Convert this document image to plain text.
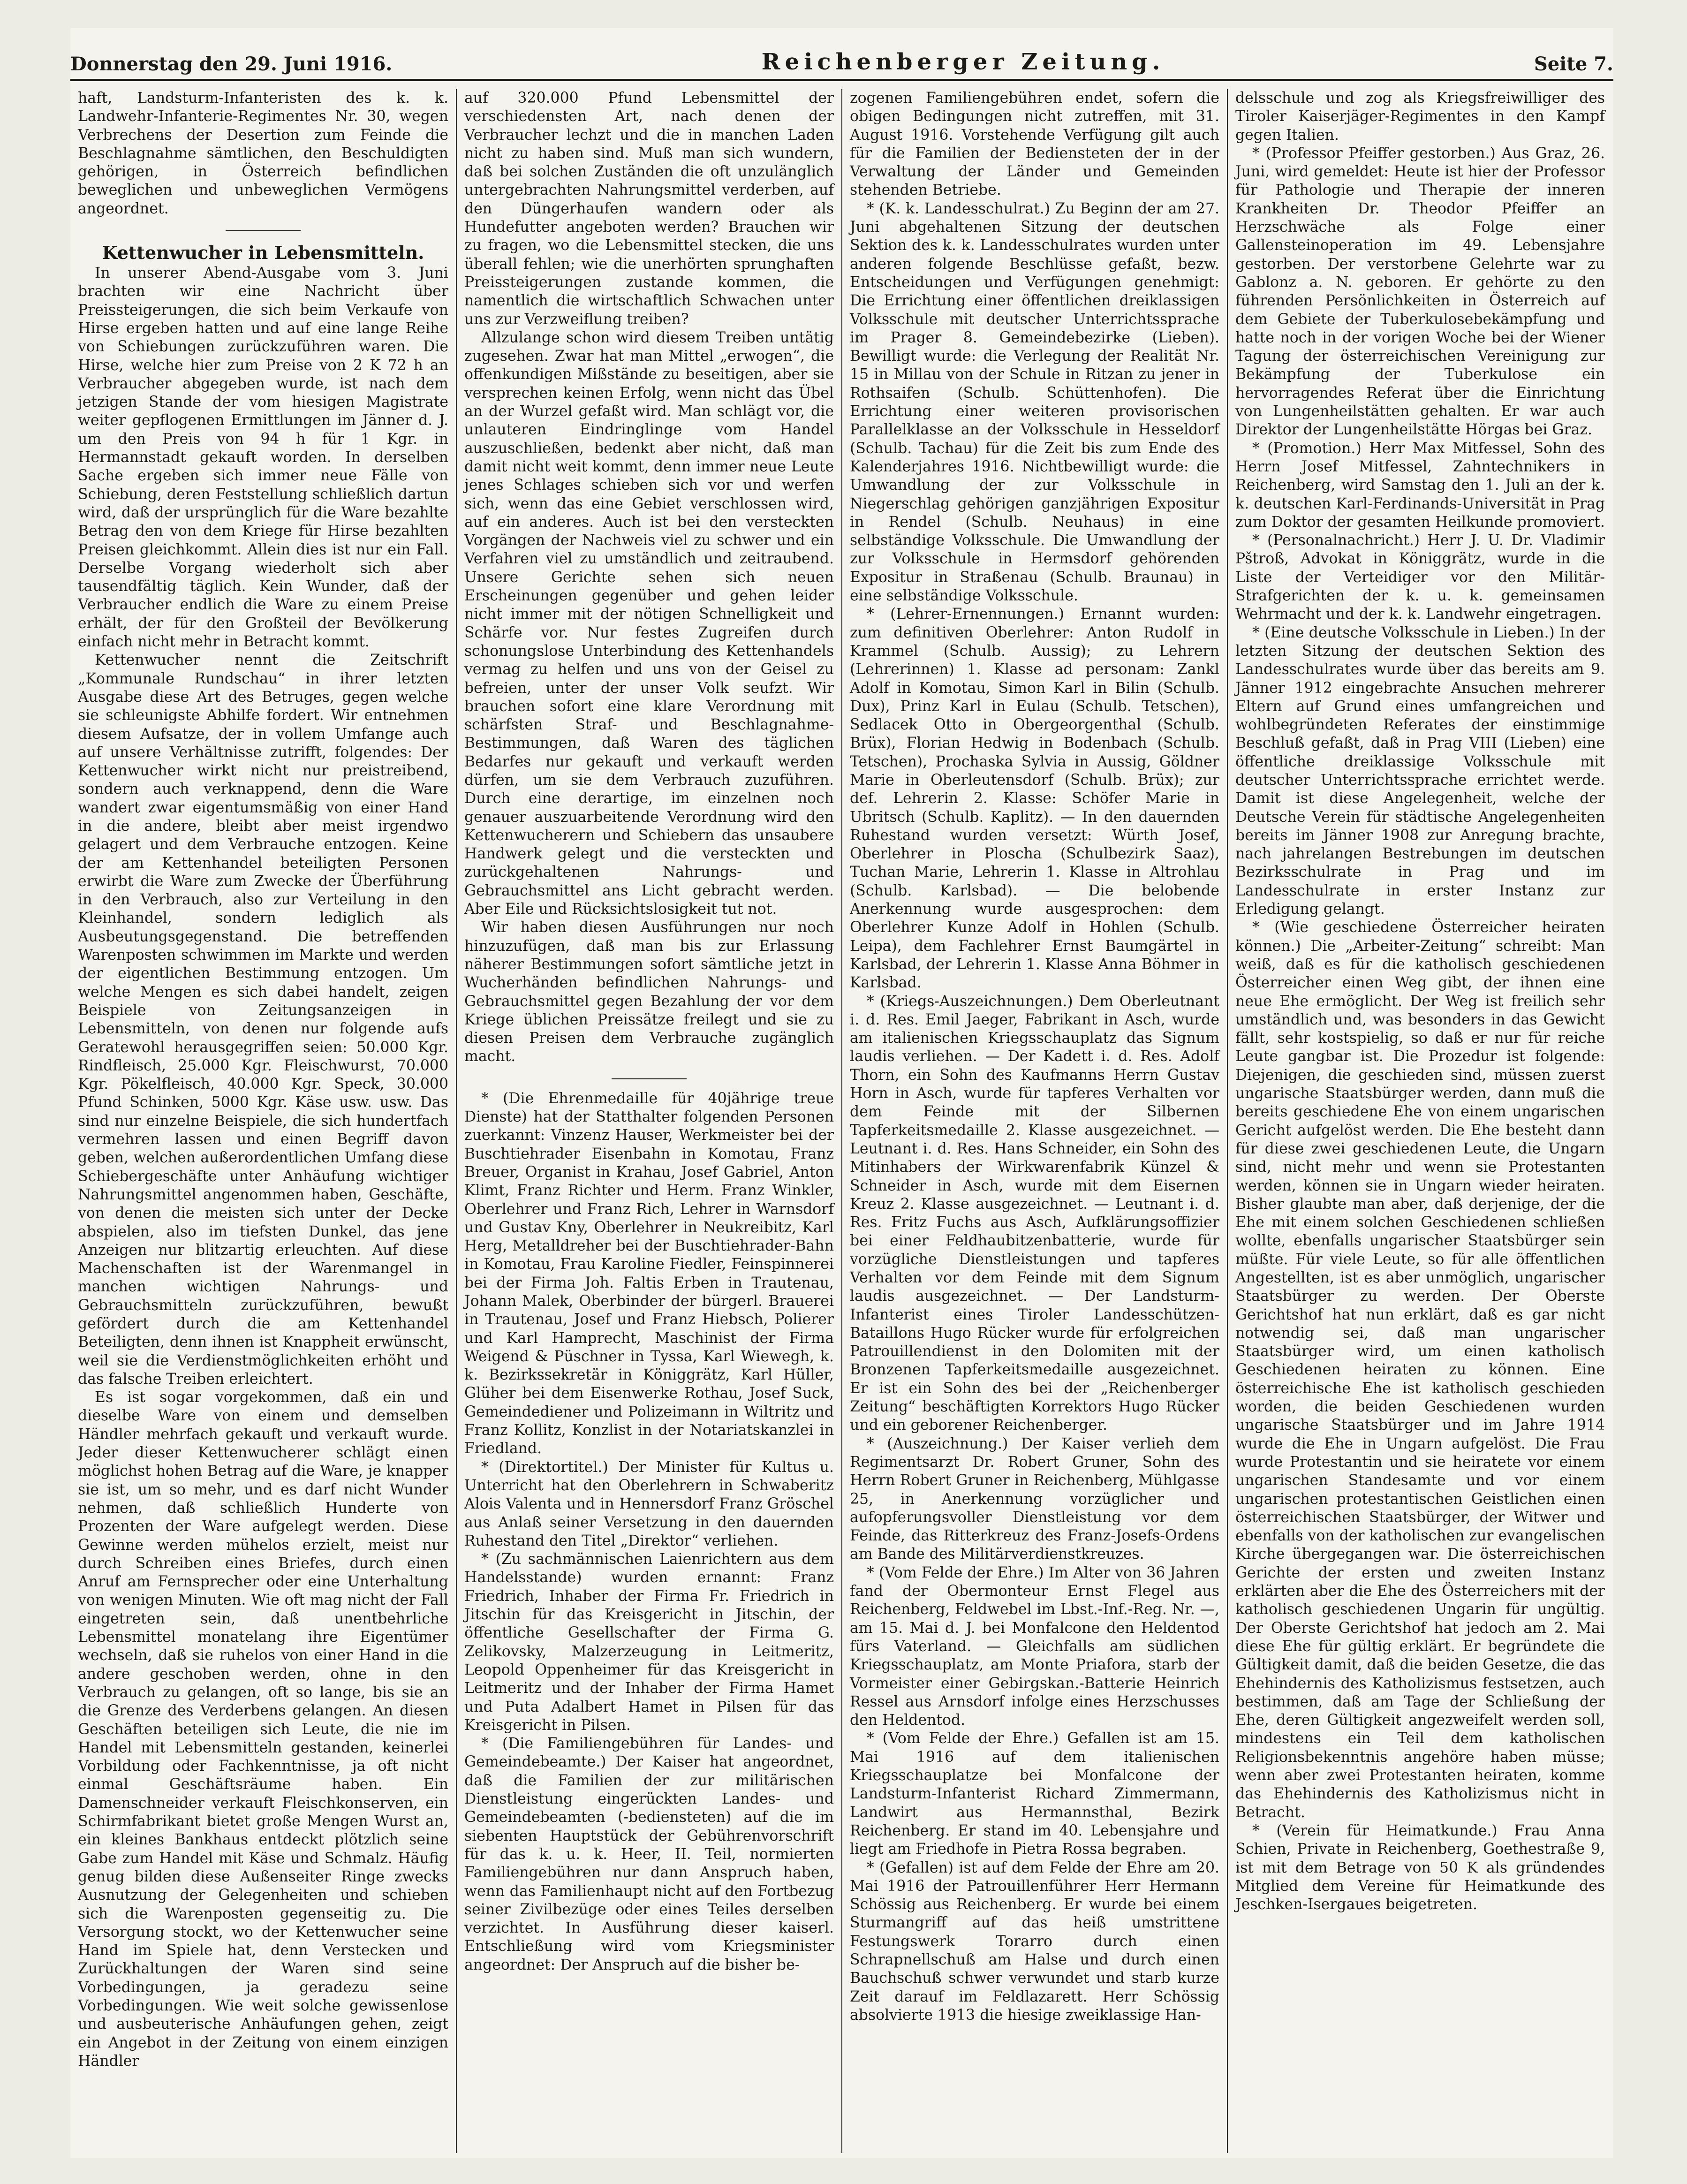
Donnerstag den 29. Juni 1916.	Reichenberger Zeitung.	Seite 7.

haft, Landsturm-Infanteristen des k. k. Landwehr-Infanterie-Regimentes Nr. 30, wegen Verbrechens der Desertion zum Feinde die Beschlagnahme sämtlichen, den Beschuldigten gehörigen, in Österreich befindlichen beweglichen und unbeweglichen Vermögens angeordnet.

Kettenwucher in Lebensmitteln.

In unserer Abend-Ausgabe vom 3. Juni brachten wir eine Nachricht über Preissteigerungen, die sich beim Verkaufe von Hirse ergeben hatten und auf eine lange Reihe von Schiebungen zurückzuführen waren. Die Hirse, welche hier zum Preise von 2 K 72 h an Verbraucher abgegeben wurde, ist nach dem jetzigen Stande der vom hiesigen Magistrate weiter gepflogenen Ermittlungen im Jänner d. J. um den Preis von 94 h für 1 Kgr. in Hermannstadt gekauft worden. In derselben Sache ergeben sich immer neue Fälle von Schiebung, deren Feststellung schließlich dartun wird, daß der ursprünglich für die Ware bezahlte Betrag den von dem Kriege für Hirse bezahlten Preisen gleichkommt. Allein dies ist nur ein Fall. Derselbe Vorgang wiederholt sich aber tausendfältig täglich. Kein Wunder, daß der Verbraucher endlich die Ware zu einem Preise erhält, der für den Großteil der Bevölkerung einfach nicht mehr in Betracht kommt.

Kettenwucher nennt die Zeitschrift „Kommunale Rundschau“ in ihrer letzten Ausgabe diese Art des Betruges, gegen welche sie schleunigste Abhilfe fordert. Wir entnehmen diesem Aufsatze, der in vollem Umfange auch auf unsere Verhältnisse zutrifft, folgendes: Der Kettenwucher wirkt nicht nur preistreibend, sondern auch verknappend, denn die Ware wandert zwar eigentumsmäßig von einer Hand in die andere, bleibt aber meist irgendwo gelagert und dem Verbrauche entzogen. Keine der am Kettenhandel beteiligten Personen erwirbt die Ware zum Zwecke der Überführung in den Verbrauch, also zur Verteilung in den Kleinhandel, sondern lediglich als Ausbeutungsgegenstand. Die betreffenden Warenposten schwimmen im Markte und werden der eigentlichen Bestimmung entzogen. Um welche Mengen es sich dabei handelt, zeigen Beispiele von Zeitungsanzeigen in Lebensmitteln, von denen nur folgende aufs Geratewohl herausgegriffen seien: 50.000 Kgr. Rindfleisch, 25.000 Kgr. Fleischwurst, 70.000 Kgr. Pökelfleisch, 40.000 Kgr. Speck, 30.000 Pfund Schinken, 5000 Kgr. Käse usw. usw. Das sind nur einzelne Beispiele, die sich hundertfach vermehren lassen und einen Begriff davon geben, welchen außerordentlichen Umfang diese Schiebergeschäfte unter Anhäufung wichtiger Nahrungsmittel angenommen haben, Geschäfte, von denen die meisten sich unter der Decke abspielen, also im tiefsten Dunkel, das jene Anzeigen nur blitzartig erleuchten. Auf diese Machenschaften ist der Warenmangel in manchen wichtigen Nahrungs- und Gebrauchsmitteln zurückzuführen, bewußt gefördert durch die am Kettenhandel Beteiligten, denn ihnen ist Knappheit erwünscht, weil sie die Verdienstmöglichkeiten erhöht und das falsche Treiben erleichtert.

Es ist sogar vorgekommen, daß ein und dieselbe Ware von einem und demselben Händler mehrfach gekauft und verkauft wurde. Jeder dieser Kettenwucherer schlägt einen möglichst hohen Betrag auf die Ware, je knapper sie ist, um so mehr, und es darf nicht Wunder nehmen, daß schließlich Hunderte von Prozenten der Ware aufgelegt werden. Diese Gewinne werden mühelos erzielt, meist nur durch Schreiben eines Briefes, durch einen Anruf am Fernsprecher oder eine Unterhaltung von wenigen Minuten. Wie oft mag nicht der Fall eingetreten sein, daß unentbehrliche Lebensmittel monatelang ihre Eigentümer wechseln, daß sie ruhelos von einer Hand in die andere geschoben werden, ohne in den Verbrauch zu gelangen, oft so lange, bis sie an die Grenze des Verderbens gelangen. An diesen Geschäften beteiligen sich Leute, die nie im Handel mit Lebensmitteln gestanden, keinerlei Vorbildung oder Fachkenntnisse, ja oft nicht einmal Geschäftsräume haben. Ein Damenschneider verkauft Fleischkonserven, ein Schirmfabrikant bietet große Mengen Wurst an, ein kleines Bankhaus entdeckt plötzlich seine Gabe zum Handel mit Käse und Schmalz. Häufig genug bilden diese Außenseiter Ringe zwecks Ausnutzung der Gelegenheiten und schieben sich die Warenposten gegenseitig zu. Die Versorgung stockt, wo der Kettenwucher seine Hand im Spiele hat, denn Verstecken und Zurückhaltungen der Waren sind seine Vorbedingungen, ja geradezu seine Vorbedingungen. Wie weit solche gewissenlose und ausbeuterische Anhäufungen gehen, zeigt ein Angebot in der Zeitung von einem einzigen Händler

auf 320.000 Pfund Lebensmittel der verschiedensten Art, nach denen der Verbraucher lechzt und die in manchen Laden nicht zu haben sind. Muß man sich wundern, daß bei solchen Zuständen die oft unzulänglich untergebrachten Nahrungsmittel verderben, auf den Düngerhaufen wandern oder als Hundefutter angeboten werden? Brauchen wir zu fragen, wo die Lebensmittel stecken, die uns überall fehlen; wie die unerhörten sprunghaften Preissteigerungen zustande kommen, die namentlich die wirtschaftlich Schwachen unter uns zur Verzweiflung treiben?

Allzulange schon wird diesem Treiben untätig zugesehen. Zwar hat man Mittel „erwogen“, die offenkundigen Mißstände zu beseitigen, aber sie versprechen keinen Erfolg, wenn nicht das Übel an der Wurzel gefaßt wird. Man schlägt vor, die unlauteren Eindringlinge vom Handel auszuschließen, bedenkt aber nicht, daß man damit nicht weit kommt, denn immer neue Leute jenes Schlages schieben sich vor und werfen sich, wenn das eine Gebiet verschlossen wird, auf ein anderes. Auch ist bei den versteckten Vorgängen der Nachweis viel zu schwer und ein Verfahren viel zu umständlich und zeitraubend. Unsere Gerichte sehen sich neuen Erscheinungen gegenüber und gehen leider nicht immer mit der nötigen Schnelligkeit und Schärfe vor. Nur festes Zugreifen durch schonungslose Unterbindung des Kettenhandels vermag zu helfen und uns von der Geisel zu befreien, unter der unser Volk seufzt. Wir brauchen sofort eine klare Verordnung mit schärfsten Straf- und Beschlagnahme-Bestimmungen, daß Waren des täglichen Bedarfes nur gekauft und verkauft werden dürfen, um sie dem Verbrauch zuzuführen. Durch eine derartige, im einzelnen noch genauer auszuarbeitende Verordnung wird den Kettenwucherern und Schiebern das unsaubere Handwerk gelegt und die versteckten und zurückgehaltenen Nahrungs- und Gebrauchsmittel ans Licht gebracht werden. Aber Eile und Rücksichtslosigkeit tut not.

Wir haben diesen Ausführungen nur noch hinzuzufügen, daß man bis zur Erlassung näherer Bestimmungen sofort sämtliche jetzt in Wucherhänden befindlichen Nahrungs- und Gebrauchsmittel gegen Bezahlung der vor dem Kriege üblichen Preissätze freilegt und sie zu diesen Preisen dem Verbrauche zugänglich macht.

* (Die Ehrenmedaille für 40jährige treue Dienste) hat der Statthalter folgenden Personen zuerkannt: Vinzenz Hauser, Werkmeister bei der Buschtiehrader Eisenbahn in Komotau, Franz Breuer, Organist in Krahau, Josef Gabriel, Anton Klimt, Franz Richter und Herm. Franz Winkler, Oberlehrer und Franz Rich, Lehrer in Warnsdorf und Gustav Kny, Oberlehrer in Neukreibitz, Karl Herg, Metalldreher bei der Buschtiehrader-Bahn in Komotau, Frau Karoline Fiedler, Feinspinnerei bei der Firma Joh. Faltis Erben in Trautenau, Johann Malek, Oberbinder der bürgerl. Brauerei in Trautenau, Josef und Franz Hiebsch, Polierer und Karl Hamprecht, Maschinist der Firma Weigend & Püschner in Tyssa, Karl Wiewegh, k. k. Bezirkssekretär in Königgrätz, Karl Hüller, Glüher bei dem Eisenwerke Rothau, Josef Suck, Gemeindediener und Polizeimann in Wiltritz und Franz Kollitz, Konzlist in der Notariatskanzlei in Friedland.

* (Direktortitel.) Der Minister für Kultus u. Unterricht hat den Oberlehrern in Schwaberitz Alois Valenta und in Hennersdorf Franz Gröschel aus Anlaß seiner Versetzung in den dauernden Ruhestand den Titel „Direktor“ verliehen.

* (Zu sachmännischen Laienrichtern aus dem Handelsstande) wurden ernannt: Franz Friedrich, Inhaber der Firma Fr. Friedrich in Jitschin für das Kreisgericht in Jitschin, der öffentliche Gesellschafter der Firma G. Zelikovsky, Malzerzeugung in Leitmeritz, Leopold Oppenheimer für das Kreisgericht in Leitmeritz und der Inhaber der Firma Hamet und Puta Adalbert Hamet in Pilsen für das Kreisgericht in Pilsen.

* (Die Familiengebühren für Landes- und Gemeindebeamte.) Der Kaiser hat angeordnet, daß die Familien der zur militärischen Dienstleistung eingerückten Landes- und Gemeindebeamten (-bediensteten) auf die im siebenten Hauptstück der Gebührenvorschrift für das k. u. k. Heer, II. Teil, normierten Familiengebühren nur dann Anspruch haben, wenn das Familienhaupt nicht auf den Fortbezug seiner Zivilbezüge oder eines Teiles derselben verzichtet. In Ausführung dieser kaiserl. Entschließung wird vom Kriegsminister angeordnet: Der Anspruch auf die bisher be-

zogenen Familiengebühren endet, sofern die obigen Bedingungen nicht zutreffen, mit 31. August 1916. Vorstehende Verfügung gilt auch für die Familien der Bediensteten der in der Verwaltung der Länder und Gemeinden stehenden Betriebe.

* (K. k. Landesschulrat.) Zu Beginn der am 27. Juni abgehaltenen Sitzung der deutschen Sektion des k. k. Landesschulrates wurden unter anderen folgende Beschlüsse gefaßt, bezw. Entscheidungen und Verfügungen genehmigt: Die Errichtung einer öffentlichen dreiklassigen Volksschule mit deutscher Unterrichtssprache im Prager 8. Gemeindebezirke (Lieben). Bewilligt wurde: die Verlegung der Realität Nr. 15 in Millau von der Schule in Ritzan zu jener in Rothsaifen (Schulb. Schüttenhofen). Die Errichtung einer weiteren provisorischen Parallelklasse an der Volksschule in Hesseldorf (Schulb. Tachau) für die Zeit bis zum Ende des Kalenderjahres 1916. Nichtbewilligt wurde: die Umwandlung der zur Volksschule in Niegerschlag gehörigen ganzjährigen Expositur in Rendel (Schulb. Neuhaus) in eine selbständige Volksschule. Die Umwandlung der zur Volksschule in Hermsdorf gehörenden Expositur in Straßenau (Schulb. Braunau) in eine selbständige Volksschule.

* (Lehrer-Ernennungen.) Ernannt wurden: zum definitiven Oberlehrer: Anton Rudolf in Krammel (Schulb. Aussig); zu Lehrern (Lehrerinnen) 1. Klasse ad personam: Zankl Adolf in Komotau, Simon Karl in Bilin (Schulb. Dux), Prinz Karl in Eulau (Schulb. Tetschen), Sedlacek Otto in Obergeorgenthal (Schulb. Brüx), Florian Hedwig in Bodenbach (Schulb. Tetschen), Prochaska Sylvia in Aussig, Göldner Marie in Oberleutensdorf (Schulb. Brüx); zur def. Lehrerin 2. Klasse: Schöfer Marie in Ubritsch (Schulb. Kaplitz). — In den dauernden Ruhestand wurden versetzt: Würth Josef, Oberlehrer in Ploscha (Schulbezirk Saaz), Tuchan Marie, Lehrerin 1. Klasse in Altrohlau (Schulb. Karlsbad). — Die belobende Anerkennung wurde ausgesprochen: dem Oberlehrer Kunze Adolf in Hohlen (Schulb. Leipa), dem Fachlehrer Ernst Baumgärtel in Karlsbad, der Lehrerin 1. Klasse Anna Böhmer in Karlsbad.

* (Kriegs-Auszeichnungen.) Dem Oberleutnant i. d. Res. Emil Jaeger, Fabrikant in Asch, wurde am italienischen Kriegsschauplatz das Signum laudis verliehen. — Der Kadett i. d. Res. Adolf Thorn, ein Sohn des Kaufmanns Herrn Gustav Horn in Asch, wurde für tapferes Verhalten vor dem Feinde mit der Silbernen Tapferkeitsmedaille 2. Klasse ausgezeichnet. — Leutnant i. d. Res. Hans Schneider, ein Sohn des Mitinhabers der Wirkwarenfabrik Künzel & Schneider in Asch, wurde mit dem Eisernen Kreuz 2. Klasse ausgezeichnet. — Leutnant i. d. Res. Fritz Fuchs aus Asch, Aufklärungsoffizier bei einer Feldhaubitzenbatterie, wurde für vorzügliche Dienstleistungen und tapferes Verhalten vor dem Feinde mit dem Signum laudis ausgezeichnet. — Der Landsturm-Infanterist eines Tiroler Landesschützen-Bataillons Hugo Rücker wurde für erfolgreichen Patrouillendienst in den Dolomiten mit der Bronzenen Tapferkeitsmedaille ausgezeichnet. Er ist ein Sohn des bei der „Reichenberger Zeitung“ beschäftigten Korrektors Hugo Rücker und ein geborener Reichenberger.

* (Auszeichnung.) Der Kaiser verlieh dem Regimentsarzt Dr. Robert Gruner, Sohn des Herrn Robert Gruner in Reichenberg, Mühlgasse 25, in Anerkennung vorzüglicher und aufopferungsvoller Dienstleistung vor dem Feinde, das Ritterkreuz des Franz-Josefs-Ordens am Bande des Militärverdienstkreuzes.

* (Vom Felde der Ehre.) Im Alter von 36 Jahren fand der Obermonteur Ernst Flegel aus Reichenberg, Feldwebel im Lbst.-Inf.-Reg. Nr. —, am 15. Mai d. J. bei Monfalcone den Heldentod fürs Vaterland. — Gleichfalls am südlichen Kriegsschauplatz, am Monte Priafora, starb der Vormeister einer Gebirgskan.-Batterie Heinrich Ressel aus Arnsdorf infolge eines Herzschusses den Heldentod.

* (Vom Felde der Ehre.) Gefallen ist am 15. Mai 1916 auf dem italienischen Kriegsschauplatze bei Monfalcone der Landsturm-Infanterist Richard Zimmermann, Landwirt aus Hermannsthal, Bezirk Reichenberg. Er stand im 40. Lebensjahre und liegt am Friedhofe in Pietra Rossa begraben.

* (Gefallen) ist auf dem Felde der Ehre am 20. Mai 1916 der Patrouillenführer Herr Hermann Schössig aus Reichenberg. Er wurde bei einem Sturmangriff auf das heiß umstrittene Festungswerk Torarro durch einen Schrapnellschuß am Halse und durch einen Bauchschuß schwer verwundet und starb kurze Zeit darauf im Feldlazarett. Herr Schössig absolvierte 1913 die hiesige zweiklassige Han-

delsschule und zog als Kriegsfreiwilliger des Tiroler Kaiserjäger-Regimentes in den Kampf gegen Italien.

* (Professor Pfeiffer gestorben.) Aus Graz, 26. Juni, wird gemeldet: Heute ist hier der Professor für Pathologie und Therapie der inneren Krankheiten Dr. Theodor Pfeiffer an Herzschwäche als Folge einer Gallensteinoperation im 49. Lebensjahre gestorben. Der verstorbene Gelehrte war zu Gablonz a. N. geboren. Er gehörte zu den führenden Persönlichkeiten in Österreich auf dem Gebiete der Tuberkulosebekämpfung und hatte noch in der vorigen Woche bei der Wiener Tagung der österreichischen Vereinigung zur Bekämpfung der Tuberkulose ein hervorragendes Referat über die Einrichtung von Lungenheilstätten gehalten. Er war auch Direktor der Lungenheilstätte Hörgas bei Graz.

* (Promotion.) Herr Max Mitfessel, Sohn des Herrn Josef Mitfessel, Zahntechnikers in Reichenberg, wird Samstag den 1. Juli an der k. k. deutschen Karl-Ferdinands-Universität in Prag zum Doktor der gesamten Heilkunde promoviert.

* (Personalnachricht.) Herr J. U. Dr. Vladimir Pštroß, Advokat in Königgrätz, wurde in die Liste der Verteidiger vor den Militär-Strafgerichten der k. u. k. gemeinsamen Wehrmacht und der k. k. Landwehr eingetragen.

* (Eine deutsche Volksschule in Lieben.) In der letzten Sitzung der deutschen Sektion des Landesschulrates wurde über das bereits am 9. Jänner 1912 eingebrachte Ansuchen mehrerer Eltern auf Grund eines umfangreichen und wohlbegründeten Referates der einstimmige Beschluß gefaßt, daß in Prag VIII (Lieben) eine öffentliche dreiklassige Volksschule mit deutscher Unterrichtssprache errichtet werde. Damit ist diese Angelegenheit, welche der Deutsche Verein für städtische Angelegenheiten bereits im Jänner 1908 zur Anregung brachte, nach jahrelangen Bestrebungen im deutschen Bezirksschulrate in Prag und im Landesschulrate in erster Instanz zur Erledigung gelangt.

* (Wie geschiedene Österreicher heiraten können.) Die „Arbeiter-Zeitung“ schreibt: Man weiß, daß es für die katholisch geschiedenen Österreicher einen Weg gibt, der ihnen eine neue Ehe ermöglicht. Der Weg ist freilich sehr umständlich und, was besonders in das Gewicht fällt, sehr kostspielig, so daß er nur für reiche Leute gangbar ist. Die Prozedur ist folgende: Diejenigen, die geschieden sind, müssen zuerst ungarische Staatsbürger werden, dann muß die bereits geschiedene Ehe von einem ungarischen Gericht aufgelöst werden. Die Ehe besteht dann für diese zwei geschiedenen Leute, die Ungarn sind, nicht mehr und wenn sie Protestanten werden, können sie in Ungarn wieder heiraten. Bisher glaubte man aber, daß derjenige, der die Ehe mit einem solchen Geschiedenen schließen wollte, ebenfalls ungarischer Staatsbürger sein müßte. Für viele Leute, so für alle öffentlichen Angestellten, ist es aber unmöglich, ungarischer Staatsbürger zu werden. Der Oberste Gerichtshof hat nun erklärt, daß es gar nicht notwendig sei, daß man ungarischer Staatsbürger wird, um einen katholisch Geschiedenen heiraten zu können. Eine österreichische Ehe ist katholisch geschieden worden, die beiden Geschiedenen wurden ungarische Staatsbürger und im Jahre 1914 wurde die Ehe in Ungarn aufgelöst. Die Frau wurde Protestantin und sie heiratete vor einem ungarischen Standesamte und vor einem ungarischen protestantischen Geistlichen einen österreichischen Staatsbürger, der Witwer und ebenfalls von der katholischen zur evangelischen Kirche übergegangen war. Die österreichischen Gerichte der ersten und zweiten Instanz erklärten aber die Ehe des Österreichers mit der katholisch geschiedenen Ungarin für ungültig. Der Oberste Gerichtshof hat jedoch am 2. Mai diese Ehe für gültig erklärt. Er begründete die Gültigkeit damit, daß die beiden Gesetze, die das Ehehindernis des Katholizismus festsetzen, auch bestimmen, daß am Tage der Schließung der Ehe, deren Gültigkeit angezweifelt werden soll, mindestens ein Teil dem katholischen Religionsbekenntnis angehöre haben müsse; wenn aber zwei Protestanten heiraten, komme das Ehehindernis des Katholizismus nicht in Betracht.

* (Verein für Heimatkunde.) Frau Anna Schien, Private in Reichenberg, Goethestraße 9, ist mit dem Betrage von 50 K als gründendes Mitglied dem Vereine für Heimatkunde des Jeschken-Isergaues beigetreten.
